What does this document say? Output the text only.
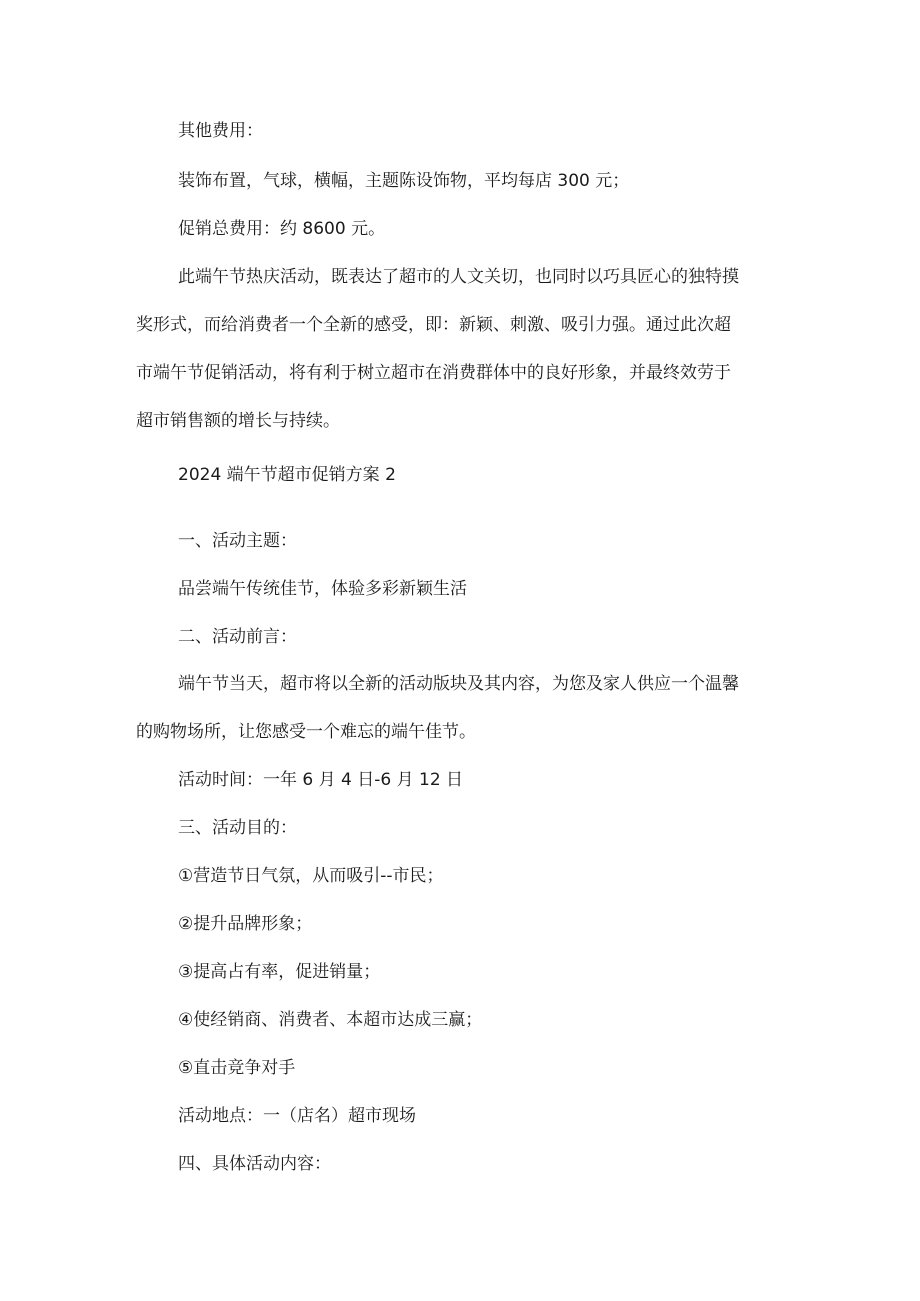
其他费用：
装饰布置，气球，横幅，主题陈设饰物，平均每店 300 元；
促销总费用：约 8600 元。
此端午节热庆活动，既表达了超市的人文关切，也同时以巧具匠心的独特摸
奖形式，而给消费者一个全新的感受，即：新颖、刺激、吸引力强。通过此次超
市端午节促销活动，将有利于树立超市在消费群体中的良好形象，并最终效劳于
超市销售额的增长与持续。
2024 端午节超市促销方案 2
一、活动主题：
品尝端午传统佳节，体验多彩新颖生活
二、活动前言：
端午节当天，超市将以全新的活动版块及其内容，为您及家人供应一个温馨
的购物场所，让您感受一个难忘的端午佳节。
活动时间：一年 6 月 4 日-6 月 12 日
三、活动目的：
①营造节日气氛，从而吸引--市民；
②提升品牌形象；
③提高占有率，促进销量；
④使经销商、消费者、本超市达成三赢；
⑤直击竞争对手
活动地点：一（店名）超市现场
四、具体活动内容：
